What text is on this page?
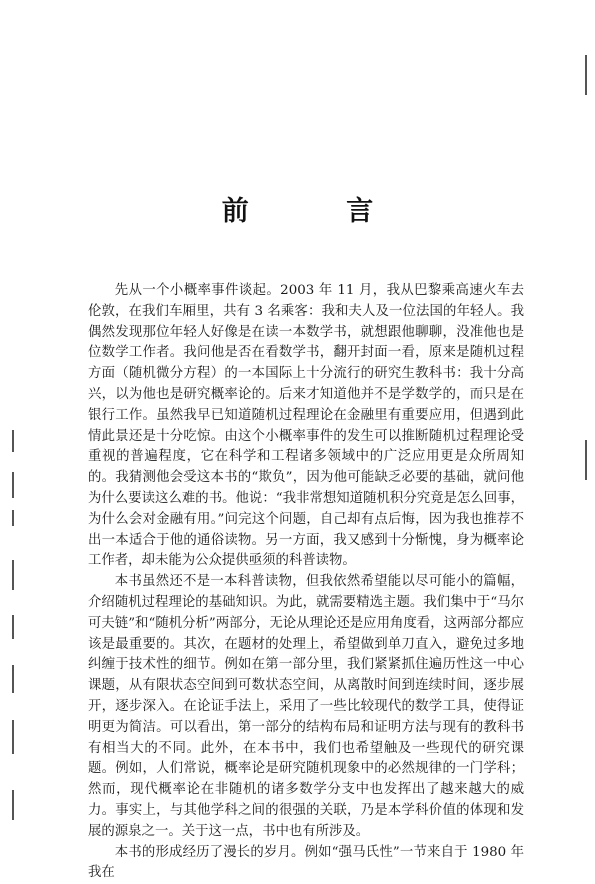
前 言

先从一个小概率事件谈起。2003 年 11 月，我从巴黎乘高速火车去伦敦，在我们车厢里，共有 3 名乘客：我和夫人及一位法国的年轻人。我偶然发现那位年轻人好像是在读一本数学书，就想跟他聊聊，没准他也是位数学工作者。我问他是否在看数学书，翻开封面一看，原来是随机过程方面（随机微分方程）的一本国际上十分流行的研究生教科书：我十分高兴，以为他也是研究概率论的。后来才知道他并不是学数学的，而只是在银行工作。虽然我早已知道随机过程理论在金融里有重要应用，但遇到此情此景还是十分吃惊。由这个小概率事件的发生可以推断随机过程理论受重视的普遍程度，它在科学和工程诸多领域中的广泛应用更是众所周知的。我猜测他会受这本书的“欺负”，因为他可能缺乏必要的基础，就问他为什么要读这么难的书。他说：“我非常想知道随机积分究竟是怎么回事，为什么会对金融有用。”问完这个问题，自己却有点后悔，因为我也推荐不出一本适合于他的通俗读物。另一方面，我又感到十分惭愧，身为概率论工作者，却未能为公众提供亟须的科普读物。

本书虽然还不是一本科普读物，但我依然希望能以尽可能小的篇幅，介绍随机过程理论的基础知识。为此，就需要精选主题。我们集中于“马尔可夫链”和“随机分析”两部分，无论从理论还是应用角度看，这两部分都应该是最重要的。其次，在题材的处理上，希望做到单刀直入，避免过多地纠缠于技术性的细节。例如在第一部分里，我们紧紧抓住遍历性这一中心课题，从有限状态空间到可数状态空间，从离散时间到连续时间，逐步展开，逐步深入。在论证手法上，采用了一些比较现代的数学工具，使得证明更为简洁。可以看出，第一部分的结构布局和证明方法与现有的教科书有相当大的不同。此外，在本书中，我们也希望触及一些现代的研究课题。例如，人们常说，概率论是研究随机现象中的必然规律的一门学科；然而，现代概率论在非随机的诸多数学分支中也发挥出了越来越大的威力。事实上，与其他学科之间的很强的关联，乃是本学科价值的体现和发展的源泉之一。关于这一点，书中也有所涉及。

本书的形成经历了漫长的岁月。例如“强马氏性”一节来自于 1980 年我在
